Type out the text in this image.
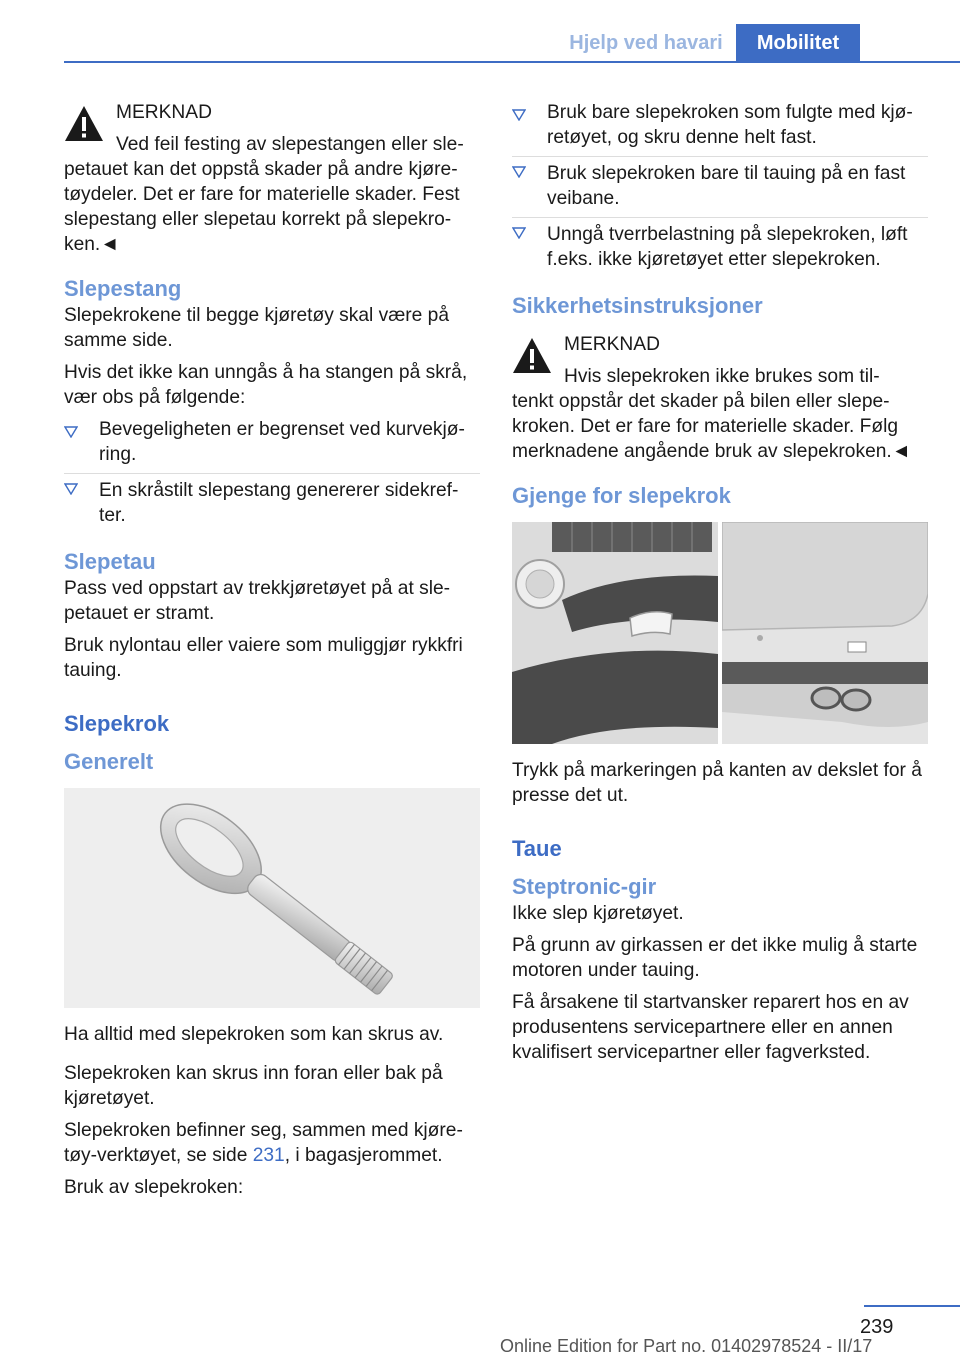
Hjelp ved havari	Mobilitet

MERKNAD

Ved feil festing av slepestangen eller sle-

petauet kan det oppstå skader på andre kjøre-tøydeler. Det er fare for materielle skader. Fest slepestang eller slepetau korrekt på slepekro-ken.◄

Slepestang

Slepekrokene til begge kjøretøy skal være på samme side.

Hvis det ikke kan unngås å ha stangen på skrå, vær obs på følgende:

Bevegeligheten er begrenset ved kurvekjø-ring.
En skråstilt slepestang genererer sidekref-ter.
Slepetau

Pass ved oppstart av trekkjøretøyet på at sle-petauet er stramt.

Bruk nylontau eller vaiere som muliggjør rykkfri tauing.

Slepekrok
Generelt

Ha alltid med slepekroken som kan skrus av.

Slepekroken kan skrus inn foran eller bak på kjøretøyet.

Slepekroken befinner seg, sammen med kjøre-tøy-verktøyet, se side 231, i bagasjerommet.

Bruk av slepekroken:

Bruk bare slepekroken som fulgte med kjø-retøyet, og skru denne helt fast.
Bruk slepekroken bare til tauing på en fast veibane.
Unngå tverrbelastning på slepekroken, løft f.eks. ikke kjøretøyet etter slepekroken.
Sikkerhetsinstruksjoner

MERKNAD

Hvis slepekroken ikke brukes som til-

tenkt oppstår det skader på bilen eller slepe-kroken. Det er fare for materielle skader. Følg merknadene angående bruk av slepekroken.◄

Gjenge for slepekrok

Trykk på markeringen på kanten av dekslet for å presse det ut.

Taue
Steptronic-gir

Ikke slep kjøretøyet.

På grunn av girkassen er det ikke mulig å starte motoren under tauing.

Få årsakene til startvansker reparert hos en av produsentens servicepartnere eller en annen kvalifisert servicepartner eller fagverksted.

239
Online Edition for Part no. 01402978524 - II/17
